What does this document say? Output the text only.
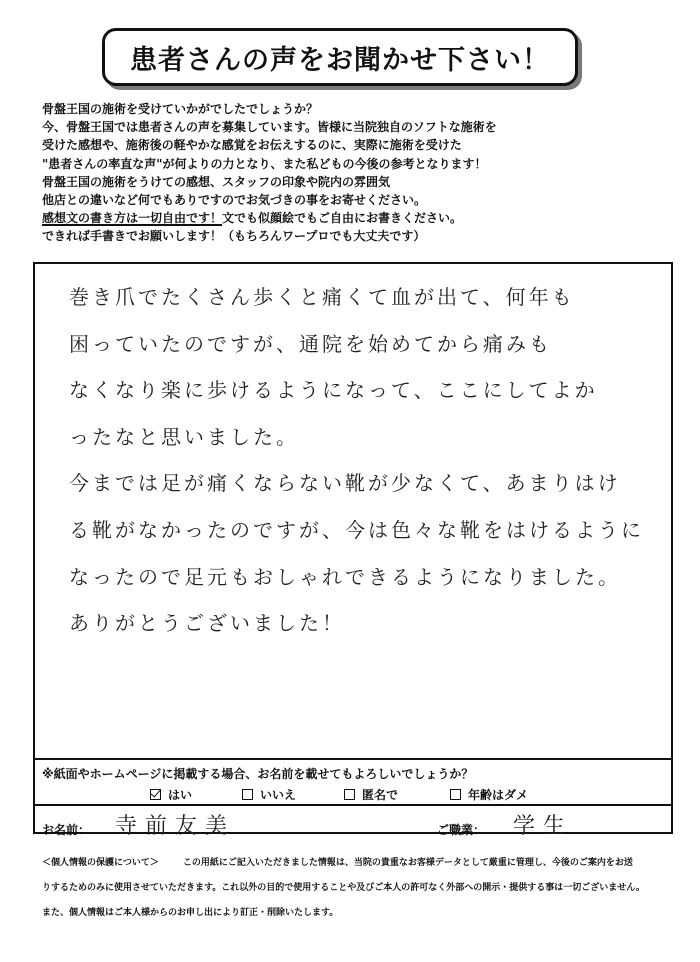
患者さんの声をお聞かせ下さい！
骨盤王国の施術を受けていかがでしたでしょうか？
今、骨盤王国では患者さんの声を募集しています。皆様に当院独自のソフトな施術を
受けた感想や、施術後の軽やかな感覚をお伝えするのに、実際に施術を受けた
"患者さんの率直な声"が何よりの力となり、また私どもの今後の参考となります！
骨盤王国の施術をうけての感想、スタッフの印象や院内の雰囲気
他店との違いなど何でもありですのでお気づきの事をお寄せください。
感想文の書き方は一切自由です！文でも似顔絵でもご自由にお書きください。
できれば手書きでお願いします！（もちろんワープロでも大丈夫です）
巻き爪でたくさん歩くと痛くて血が出て、何年も
困っていたのですが、通院を始めてから痛みも
なくなり楽に歩けるようになって、ここにしてよか
ったなと思いました。
今までは足が痛くならない靴が少なくて、あまりはけ
る靴がなかったのですが、今は色々な靴をはけるように
なったので足元もおしゃれできるようになりました。
ありがとうございました！
※紙面やホームページに掲載する場合、お名前を載せてもよろしいでしょうか？
はい	いいえ	匿名で	年齢はダメ
お名前： 寺前友美	ご職業： 学生
＜個人情報の保護について＞	この用紙にご記入いただきました情報は、当院の貴重なお客様データとして厳重に管理し、今後のご案内をお送
りするためのみに使用させていただきます。これ以外の目的で使用することや及びご本人の許可なく外部への開示・提供する事は一切ございません。
また、個人情報はご本人様からのお申し出により訂正・削除いたします。
